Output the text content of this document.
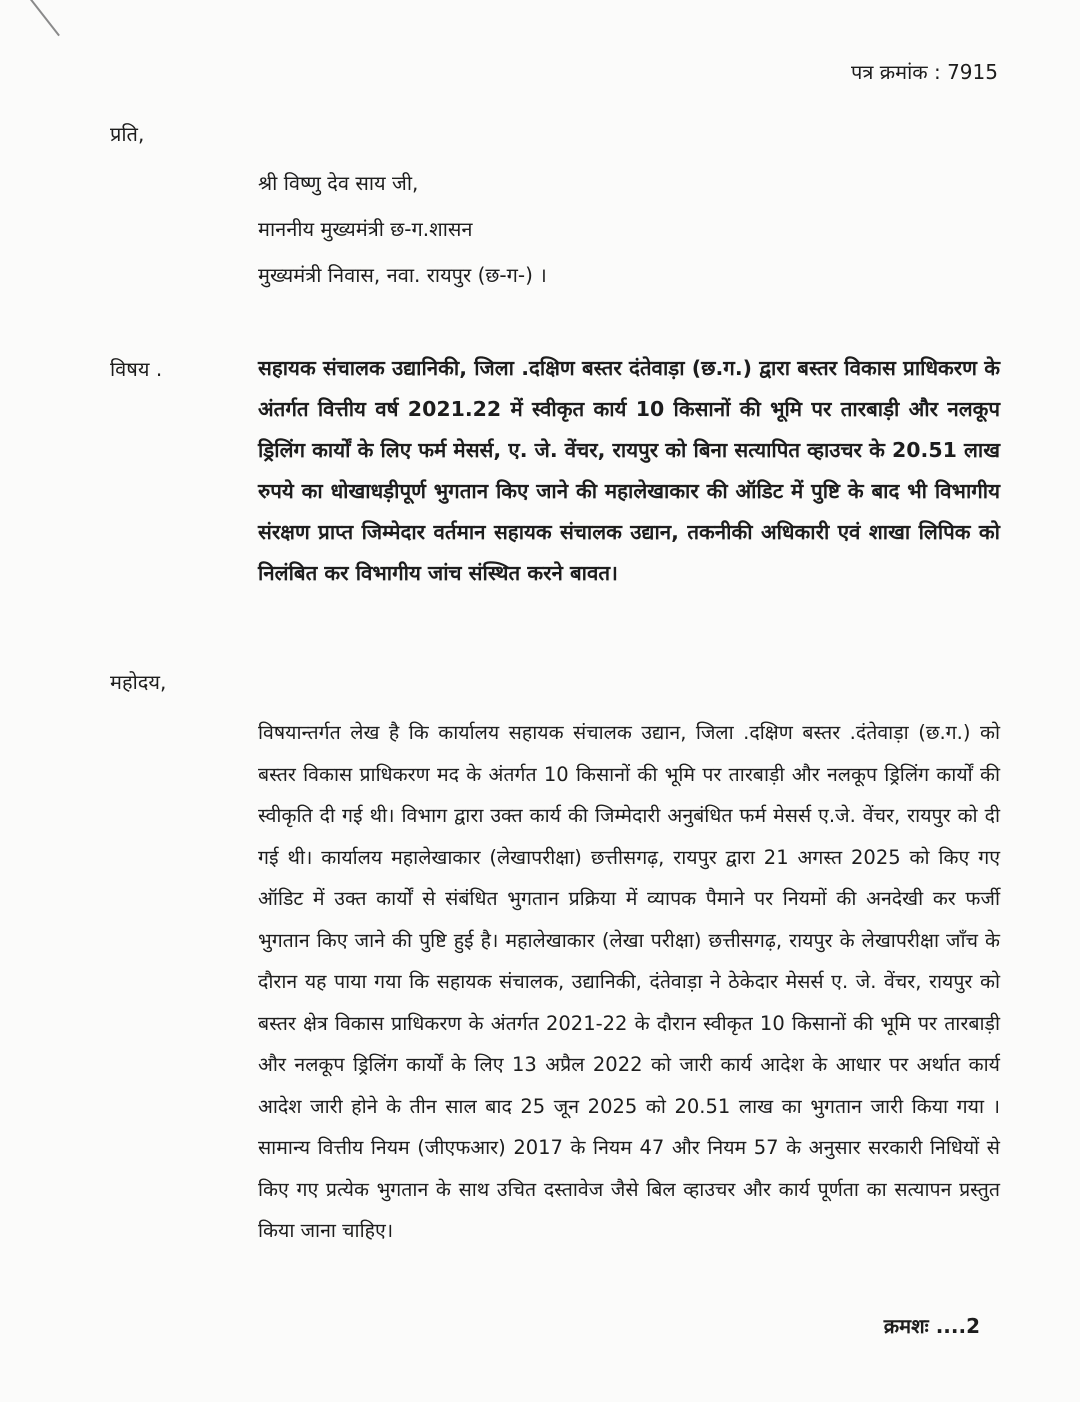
पत्र क्रमांक : 7915
प्रति,
श्री विष्णु देव साय जी,
माननीय मुख्यमंत्री छ-ग.शासन
मुख्यमंत्री निवास, नवा. रायपुर (छ-ग-) ।
विषय .	सहायक संचालक उद्यानिकी, जिला .दक्षिण बस्तर दंतेवाड़ा (छ.ग.) द्वारा बस्तर विकास प्राधिकरण के अंतर्गत वित्तीय वर्ष 2021.22 में स्वीकृत कार्य 10 किसानों की भूमि पर तारबाड़ी और नलकूप ड्रिलिंग कार्यों के लिए फर्म मेसर्स, ए. जे. वेंचर, रायपुर को बिना सत्यापित व्हाउचर के 20.51 लाख रुपये का धोखाधड़ीपूर्ण भुगतान किए जाने की महालेखाकार की ऑडिट में पुष्टि के बाद भी विभागीय संरक्षण प्राप्त जिम्मेदार वर्तमान सहायक संचालक उद्यान, तकनीकी अधिकारी एवं शाखा लिपिक को निलंबित कर विभागीय जांच संस्थित करने बावत।
महोदय,
विषयान्तर्गत लेख है कि कार्यालय सहायक संचालक उद्यान, जिला .दक्षिण बस्तर .दंतेवाड़ा (छ.ग.) को बस्तर विकास प्राधिकरण मद के अंतर्गत 10 किसानों की भूमि पर तारबाड़ी और नलकूप ड्रिलिंग कार्यों की स्वीकृति दी गई थी। विभाग द्वारा उक्त कार्य की जिम्मेदारी अनुबंधित फर्म मेसर्स ए.जे. वेंचर, रायपुर को दी गई थी। कार्यालय महालेखाकार (लेखापरीक्षा) छत्तीसगढ़, रायपुर द्वारा 21 अगस्त 2025 को किए गए ऑडिट में उक्त कार्यों से संबंधित भुगतान प्रक्रिया में व्यापक पैमाने पर नियमों की अनदेखी कर फर्जी भुगतान किए जाने की पुष्टि हुई है। महालेखाकार (लेखा परीक्षा) छत्तीसगढ़, रायपुर के लेखापरीक्षा जाँच के दौरान यह पाया गया कि सहायक संचालक, उद्यानिकी, दंतेवाड़ा ने ठेकेदार मेसर्स ए. जे. वेंचर, रायपुर को बस्तर क्षेत्र विकास प्राधिकरण के अंतर्गत 2021-22 के दौरान स्वीकृत 10 किसानों की भूमि पर तारबाड़ी और नलकूप ड्रिलिंग कार्यों के लिए 13 अप्रैल 2022 को जारी कार्य आदेश के आधार पर अर्थात कार्य आदेश जारी होने के तीन साल बाद 25 जून 2025 को 20.51 लाख का भुगतान जारी किया गया । सामान्य वित्तीय नियम (जीएफआर) 2017 के नियम 47 और नियम 57 के अनुसार सरकारी निधियों से किए गए प्रत्येक भुगतान के साथ उचित दस्तावेज जैसे बिल व्हाउचर और कार्य पूर्णता का सत्यापन प्रस्तुत किया जाना चाहिए।
क्रमशः ....2
